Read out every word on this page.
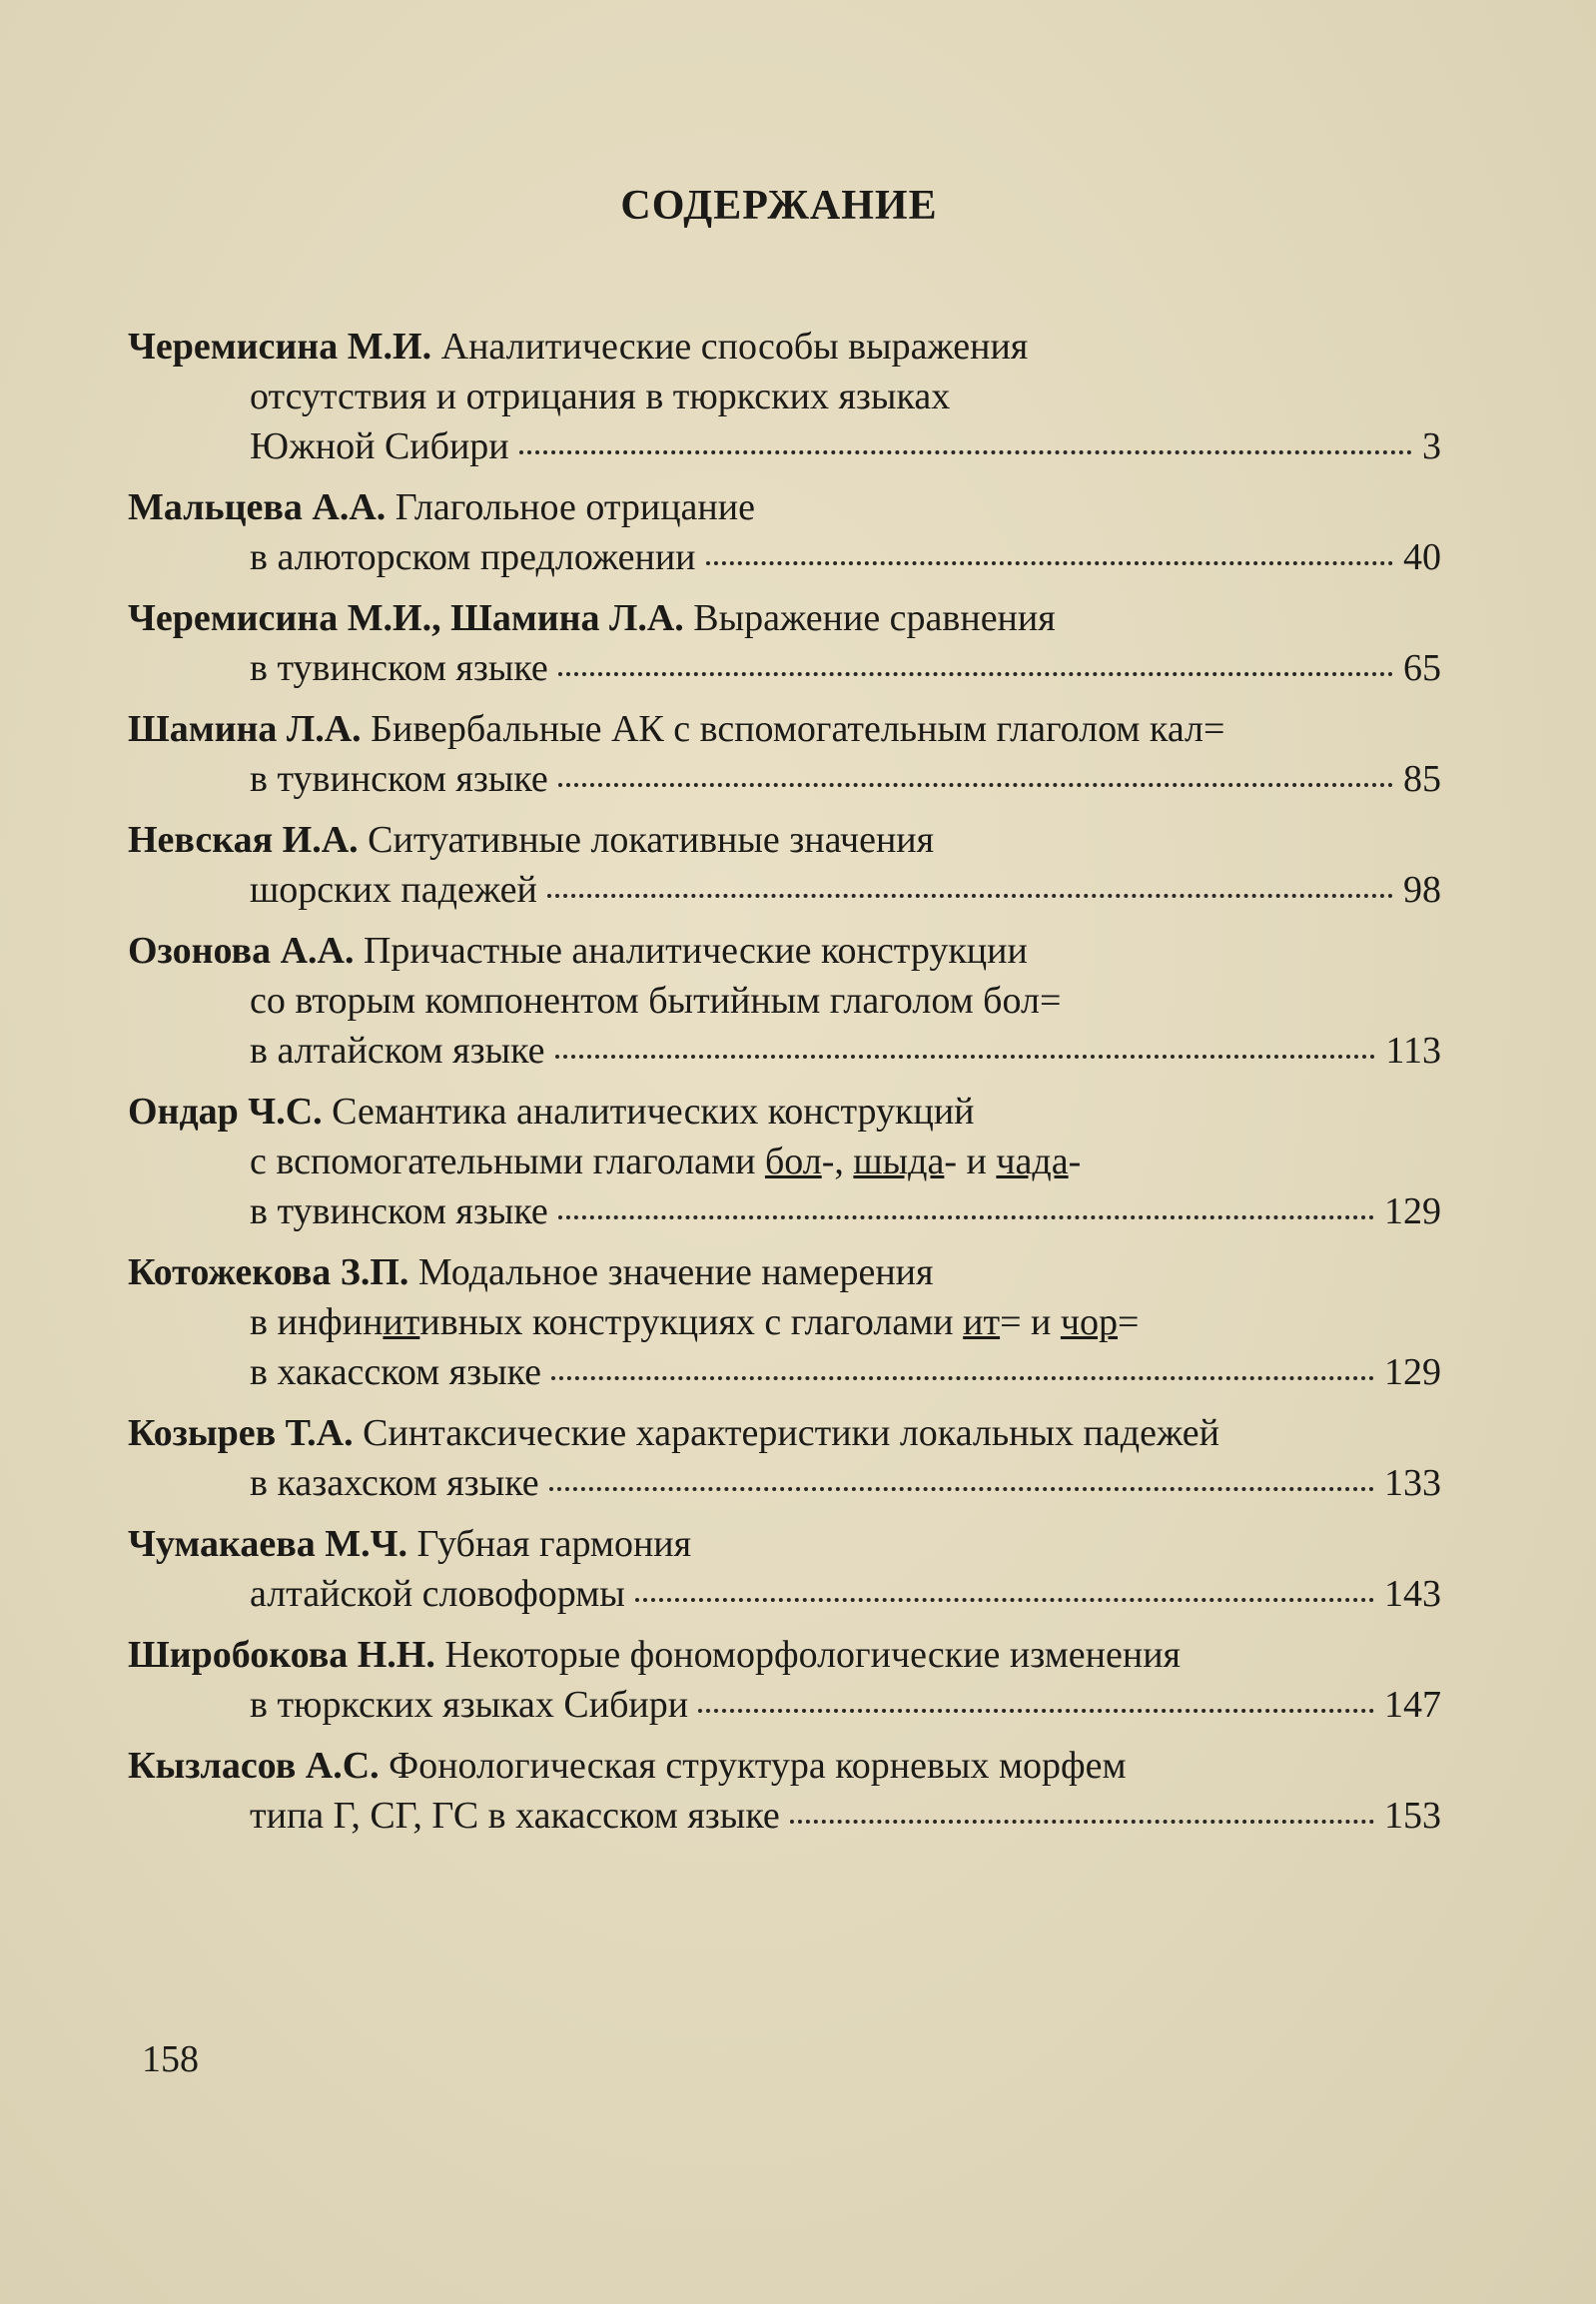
СОДЕРЖАНИЕ
Черемисина М.И. Аналитические способы выражения
отсутствия и отрицания в тюркских языках
Южной Сибири	3
Мальцева А.А. Глагольное отрицание
в алюторском предложении	40
Черемисина М.И., Шамина Л.А. Выражение сравнения
в тувинском языке	65
Шамина Л.А. Бивербальные АК с вспомогательным глаголом кал=
в тувинском языке	85
Невская И.А. Ситуативные локативные значения
шорских падежей	98
Озонова А.А. Причастные аналитические конструкции
со вторым компонентом бытийным глаголом бол=
в алтайском языке	113
Ондар Ч.С. Семантика аналитических конструкций
с вспомогательными глаголами бол-, шыда- и чада-
в тувинском языке	129
Котожекова З.П. Модальное значение намерения
в инфинитивных конструкциях с глаголами ит= и чор=
в хакасском языке	129
Козырев Т.А. Синтаксические характеристики локальных падежей
в казахском языке	133
Чумакаева М.Ч. Губная гармония
алтайской словоформы	143
Широбокова Н.Н. Некоторые фономорфологические изменения
в тюркских языках Сибири	147
Кызласов А.С. Фонологическая структура корневых морфем
типа Г, СГ, ГС в хакасском языке	153
158
